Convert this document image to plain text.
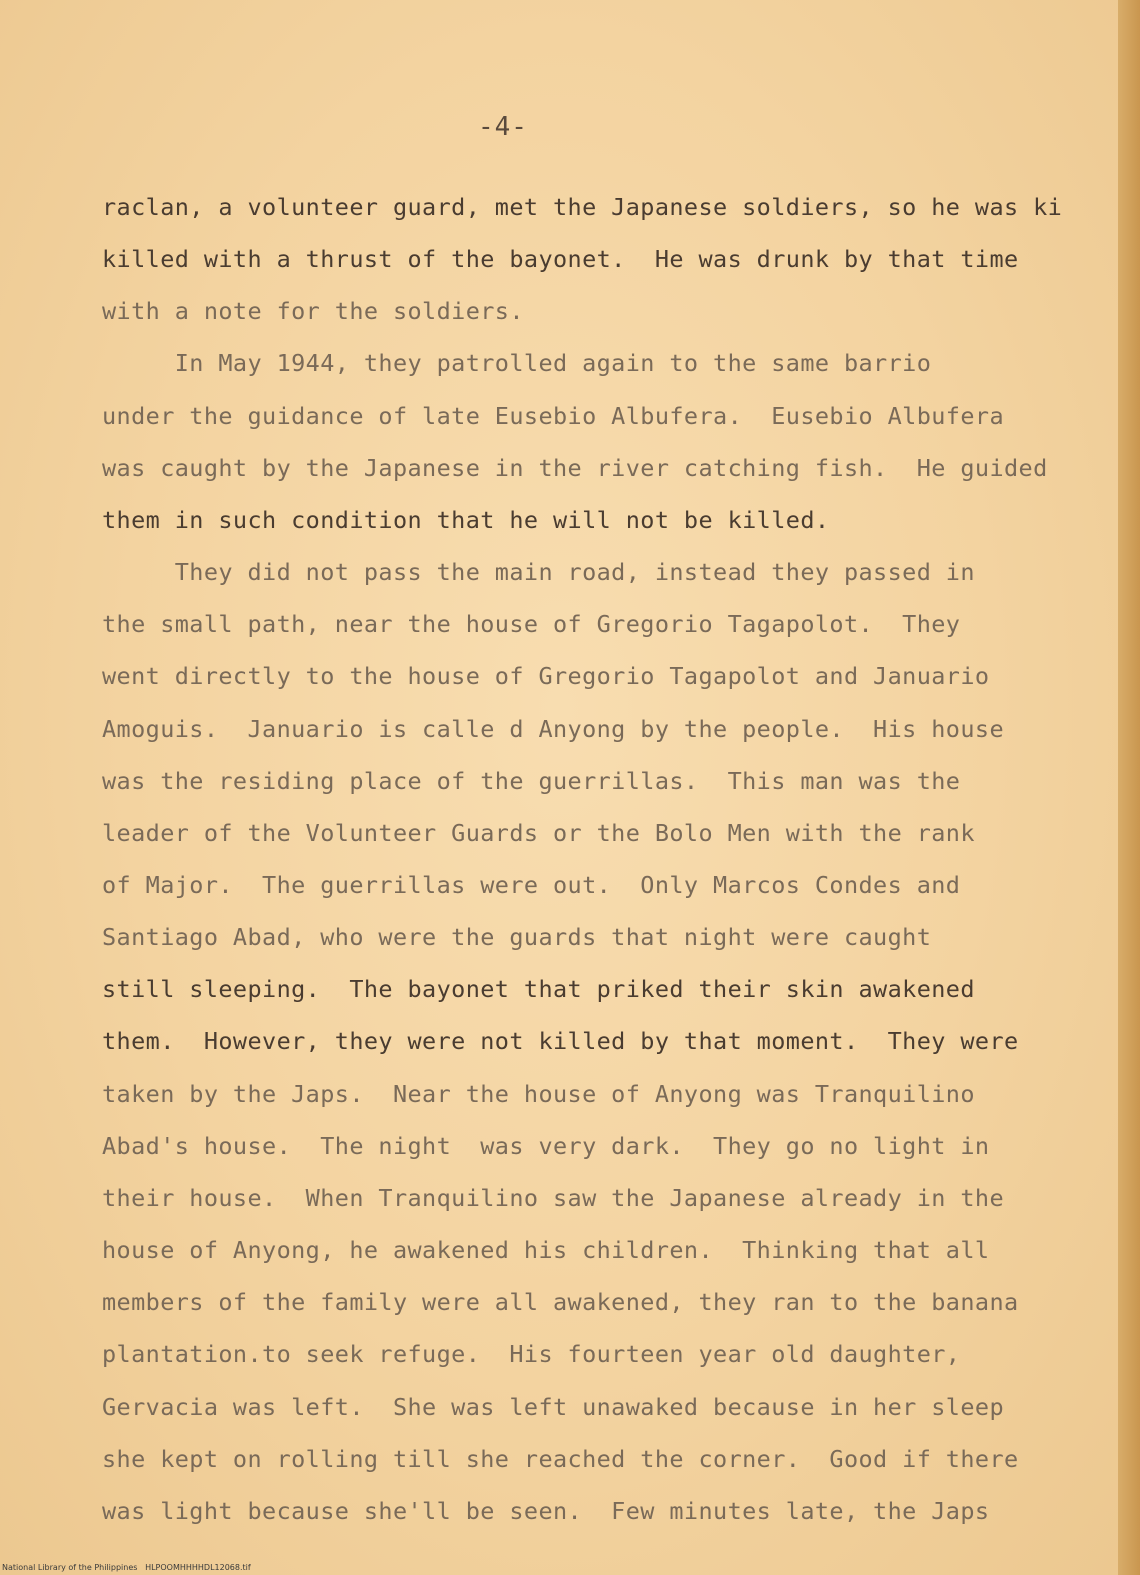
-4-

raclan, a volunteer guard, met the Japanese soldiers, so he was ki

killed with a thrust of the bayonet.  He was drunk by that time

with a note for the soldiers.

In May 1944, they patrolled again to the same barrio

under the guidance of late Eusebio Albufera.  Eusebio Albufera

was caught by the Japanese in the river catching fish.  He guided

them in such condition that he will not be killed.

They did not pass the main road, instead they passed in

the small path, near the house of Gregorio Tagapolot.  They

went directly to the house of Gregorio Tagapolot and Januario

Amoguis.  Januario is calle d Anyong by the people.  His house

was the residing place of the guerrillas.  This man was the

leader of the Volunteer Guards or the Bolo Men with the rank

of Major.  The guerrillas were out.  Only Marcos Condes and

Santiago Abad, who were the guards that night were caught

still sleeping.  The bayonet that priked their skin awakened

them.  However, they were not killed by that moment.  They were

taken by the Japs.  Near the house of Anyong was Tranquilino

Abad's house.  The night  was very dark.  They go no light in

their house.  When Tranquilino saw the Japanese already in the

house of Anyong, he awakened his children.  Thinking that all

members of the family were all awakened, they ran to the banana

plantation.to seek refuge.  His fourteen year old daughter,

Gervacia was left.  She was left unawaked because in her sleep

she kept on rolling till she reached the corner.  Good if there

was light because she'll be seen.  Few minutes late, the Japs

National Library of the Philippines HLPOOMHHHHDL12068.tif
